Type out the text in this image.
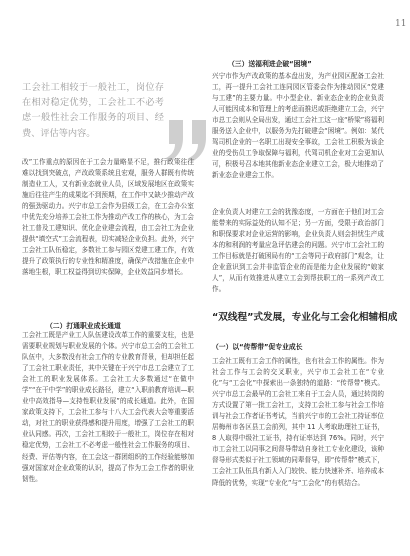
11

工会社工相较于一般社工，岗位存在相对稳定优势，工会社工不必考虑一般性社会工作服务的项目、经费、评估等内容。

改”工作重点的原因在于工会力量略显不足，推行政策往往难以找到突破点，产改政策系统且宏观，服务人群既有传统制造业工人，又有新业态就业人员，区域发展地区在政策实施后往往产生的成果迄不到预期，在工作中又缺少推动产改的强劲驱动力。兴宁市总工会作为县级工会，在工会办公室中优先充分培养工会社工作为推动产改工作的核心，为工会社工普及工建知识、优化企业建会流程，由工会社工为企业提供“填空式”工会流程表，切实减轻企业负担。此外，兴宁工会社工队伍稳定，多数社工参与园区党建工建工作，有效提升了政策执行的专业性和精准度，确保产改措施在企业中落地生根，职工权益得到切实保障，企业效益同步增长。

（二）打通职业成长通道

工会社工既是产业工人队伍建设改革工作的重要支柱，也是需要职业规划与职业发展的个体。兴宁市总工会的工会社工队伍中，大多数没有社会工作的专业教育背景，但却担任起了工会社工职业责任，其中关键在于兴宁市总工会建立了工会社工的职业发展体系。工会社工大多数通过“在做中学”“在干中学”的职业成长路径，建立“入职前教育培训—职业中高效指导—支持性职业发展”的成长通道。此外，在国家政策支持下，工会社工参与十八大工会代表大会等重要活动，对社工的职业获得感和提升用度，增强了工会社工的职业认同感。再次，工会社工相较于一般社工，岗位存在相对稳定优势，工会社工不必考虑一般性社会工作服务的项目、经费、评估等内容，在工会这一群团组织的工作经验能够加强对国家对企业政策的认识，提高了作为工会工作者的职业韧性。

（三）送福利进企破“困境”

兴宁市作为产改政策的基本盘出发，为产业园区配备工会社工，再一提升工会社工连同园区管委会作为推动园区“党建与工建”的主要力量。中小型企业、新业态企业的企业负责人可能因成本和管理上的考虑而推迟或拒绝建立工会，兴宁市总工会则从全局出发，通过工会社工这一座“桥梁”将福利服务送入企业中，以服务为先打破建会“困境”。例如：某代驾司机企业的一名职工出现安全事故，工会社工积极为该企业的受伤员工争取保障与福利，代驾司机企业对工会更加认可，积极号召本地其他新业态企业建立工会，极大地推动了新业态企业建会工作。

企业负责人对建立工会的犹豫态度，一方面在于他们对工会能带来的实际益处的认知不足；另一方面，受限于政治部门和职保要求对企业运营的影响，企业负责人则会担忧生产成本的和利润的考量应急评估建会的问题。兴宁市工会社工的工作目标就是打破困局有的“工会等同于政府部门”观念，让企业意识到工会并非监管企业的而是能力企业发展的“娘家人”，从而有效推进从建立工会到帮扶职工的一系列产改工作。

“双线程”式发展，专业化与工会化相辅相成
（一）以“传帮带”促专业成长

工会社工既有工会工作的属性，也有社会工作的属性。作为社会工作与工会的交叉职业，兴宁市工会社工在“专业化”与“工会化”中探索出一条独特的道路：“传帮带”模式。兴宁市总工会最早的工会社工来自于工会人员，通过转岗的方式设置了第一批工会社工，支持工会社工参与社会工作培训与社会工作者证书考试，当前兴宁市的工会社工持证率位居梅州市各区县工会前列，其中 11 人考取助理社工证书，8 人取得中级社工证书，持有证率达到 76%。同时，兴宁市工会社工以同事之间督导带动自身社工专业化建设，该种督导形式类似于社工领域的同辈督导，即“传帮带”模式下，工会社工队伍具有新人入门较快、能力快速补齐、培养成本降低的优势，实现“专业化”与“工会化”的有机结合。
